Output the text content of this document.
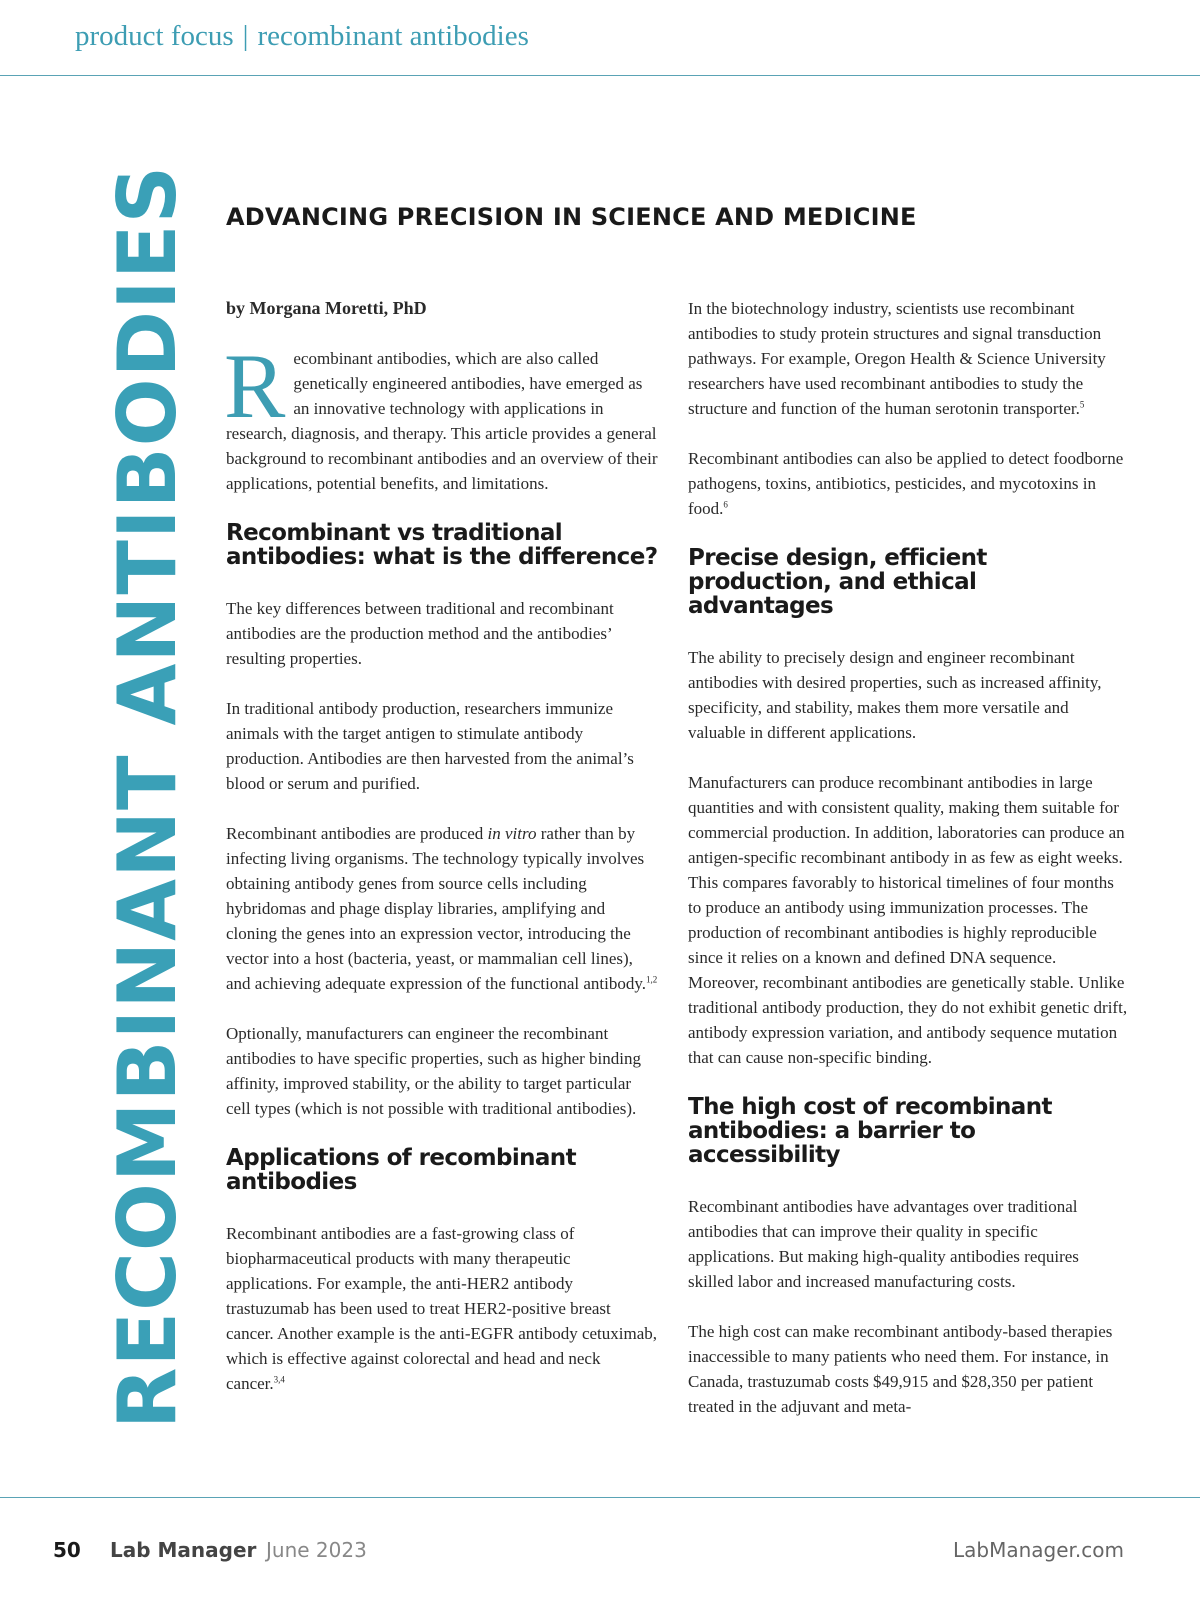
product focus | recombinant antibodies
RECOMBINANT ANTIBODIES ADVANCING PRECISION IN SCIENCE AND MEDICINE
by Morgana Moretti, PhD

Recombinant antibodies, which are also called genetically engineered antibodies, have emerged as an innovative technology with applications in research, diagnosis, and therapy. This article provides a general background to recombinant antibodies and an overview of their applications, potential benefits, and limitations.

Recombinant vs traditional antibodies: what is the difference?

The key differences between traditional and recombinant antibodies are the production method and the antibodies’ resulting properties.

In traditional antibody production, researchers immunize animals with the target antigen to stimulate antibody production. Antibodies are then harvested from the animal’s blood or serum and purified.

Recombinant antibodies are produced in vitro rather than by infecting living organisms. The technology typically involves obtaining antibody genes from source cells including hybridomas and phage display libraries, amplifying and cloning the genes into an expression vector, introducing the vector into a host (bacteria, yeast, or mammalian cell lines), and achieving adequate expression of the functional antibody.$^{1,2}$

Optionally, manufacturers can engineer the recombinant antibodies to have specific properties, such as higher binding affinity, improved stability, or the ability to target particular cell types (which is not possible with traditional antibodies).

Applications of recombinant antibodies

Recombinant antibodies are a fast-growing class of biopharmaceutical products with many therapeutic applications. For example, the anti-HER2 antibody trastuzumab has been used to treat HER2-positive breast cancer. Another example is the anti-EGFR antibody cetuximab, which is effective against colorectal and head and neck cancer.$^{3,4}$

In the biotechnology industry, scientists use recombinant antibodies to study protein structures and signal transduction pathways. For example, Oregon Health & Science University researchers have used recombinant antibodies to study the structure and function of the human serotonin transporter.$^5$

Recombinant antibodies can also be applied to detect foodborne pathogens, toxins, antibiotics, pesticides, and mycotoxins in food.$^6$

Precise design, efficient production, and ethical advantages

The ability to precisely design and engineer recombinant antibodies with desired properties, such as increased affinity, specificity, and stability, makes them more versatile and valuable in different applications.

Manufacturers can produce recombinant antibodies in large quantities and with consistent quality, making them suitable for commercial production. In addition, laboratories can produce an antigen-specific recombinant antibody in as few as eight weeks. This compares favorably to historical timelines of four months to produce an antibody using immunization processes. The production of recombinant antibodies is highly reproducible since it relies on a known and defined DNA sequence. Moreover, recombinant antibodies are genetically stable. Unlike traditional antibody production, they do not exhibit genetic drift, antibody expression variation, and antibody sequence mutation that can cause non-specific binding.

The high cost of recombinant antibodies: a barrier to accessibility

Recombinant antibodies have advantages over traditional antibodies that can improve their quality in specific applications. But making high-quality antibodies requires skilled labor and increased manufacturing costs.

The high cost can make recombinant antibody-based therapies inaccessible to many patients who need them. For instance, in Canada, trastuzumab costs $49,915 and $28,350 per patient treated in the adjuvant and meta-

50 Lab Manager June 2023	LabManager.com
